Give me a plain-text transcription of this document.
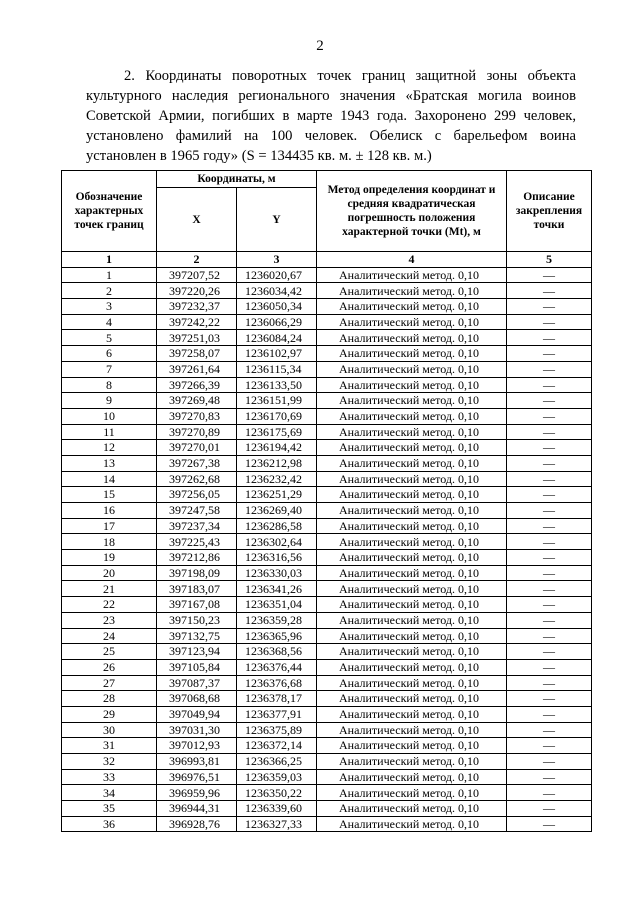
2

2. Координаты поворотных точек границ защитной зоны объекта культурного наследия регионального значения «Братская могила воинов Советской Армии, погибших в марте 1943 года. Захоронено 299 человек, установлено фамилий на 100 человек. Обелиск с барельефом воина установлен в 1965 году» (S = 134435 кв. м. ± 128 кв. м.)

Обозначение характерных точек границ	Координаты, м		Метод определения координат и средняя квадратическая погрешность положения характерной точки (Mt), м	Описание закрепления точки
	X	Y		
1	2	3	4	5
1	397207,52	1236020,67	Аналитический метод. 0,10	—
2	397220,26	1236034,42	Аналитический метод. 0,10	—
3	397232,37	1236050,34	Аналитический метод. 0,10	—
4	397242,22	1236066,29	Аналитический метод. 0,10	—
5	397251,03	1236084,24	Аналитический метод. 0,10	—
6	397258,07	1236102,97	Аналитический метод. 0,10	—
7	397261,64	1236115,34	Аналитический метод. 0,10	—
8	397266,39	1236133,50	Аналитический метод. 0,10	—
9	397269,48	1236151,99	Аналитический метод. 0,10	—
10	397270,83	1236170,69	Аналитический метод. 0,10	—
11	397270,89	1236175,69	Аналитический метод. 0,10	—
12	397270,01	1236194,42	Аналитический метод. 0,10	—
13	397267,38	1236212,98	Аналитический метод. 0,10	—
14	397262,68	1236232,42	Аналитический метод. 0,10	—
15	397256,05	1236251,29	Аналитический метод. 0,10	—
16	397247,58	1236269,40	Аналитический метод. 0,10	—
17	397237,34	1236286,58	Аналитический метод. 0,10	—
18	397225,43	1236302,64	Аналитический метод. 0,10	—
19	397212,86	1236316,56	Аналитический метод. 0,10	—
20	397198,09	1236330,03	Аналитический метод. 0,10	—
21	397183,07	1236341,26	Аналитический метод. 0,10	—
22	397167,08	1236351,04	Аналитический метод. 0,10	—
23	397150,23	1236359,28	Аналитический метод. 0,10	—
24	397132,75	1236365,96	Аналитический метод. 0,10	—
25	397123,94	1236368,56	Аналитический метод. 0,10	—
26	397105,84	1236376,44	Аналитический метод. 0,10	—
27	397087,37	1236376,68	Аналитический метод. 0,10	—
28	397068,68	1236378,17	Аналитический метод. 0,10	—
29	397049,94	1236377,91	Аналитический метод. 0,10	—
30	397031,30	1236375,89	Аналитический метод. 0,10	—
31	397012,93	1236372,14	Аналитический метод. 0,10	—
32	396993,81	1236366,25	Аналитический метод. 0,10	—
33	396976,51	1236359,03	Аналитический метод. 0,10	—
34	396959,96	1236350,22	Аналитический метод. 0,10	—
35	396944,31	1236339,60	Аналитический метод. 0,10	—
36	396928,76	1236327,33	Аналитический метод. 0,10	—
